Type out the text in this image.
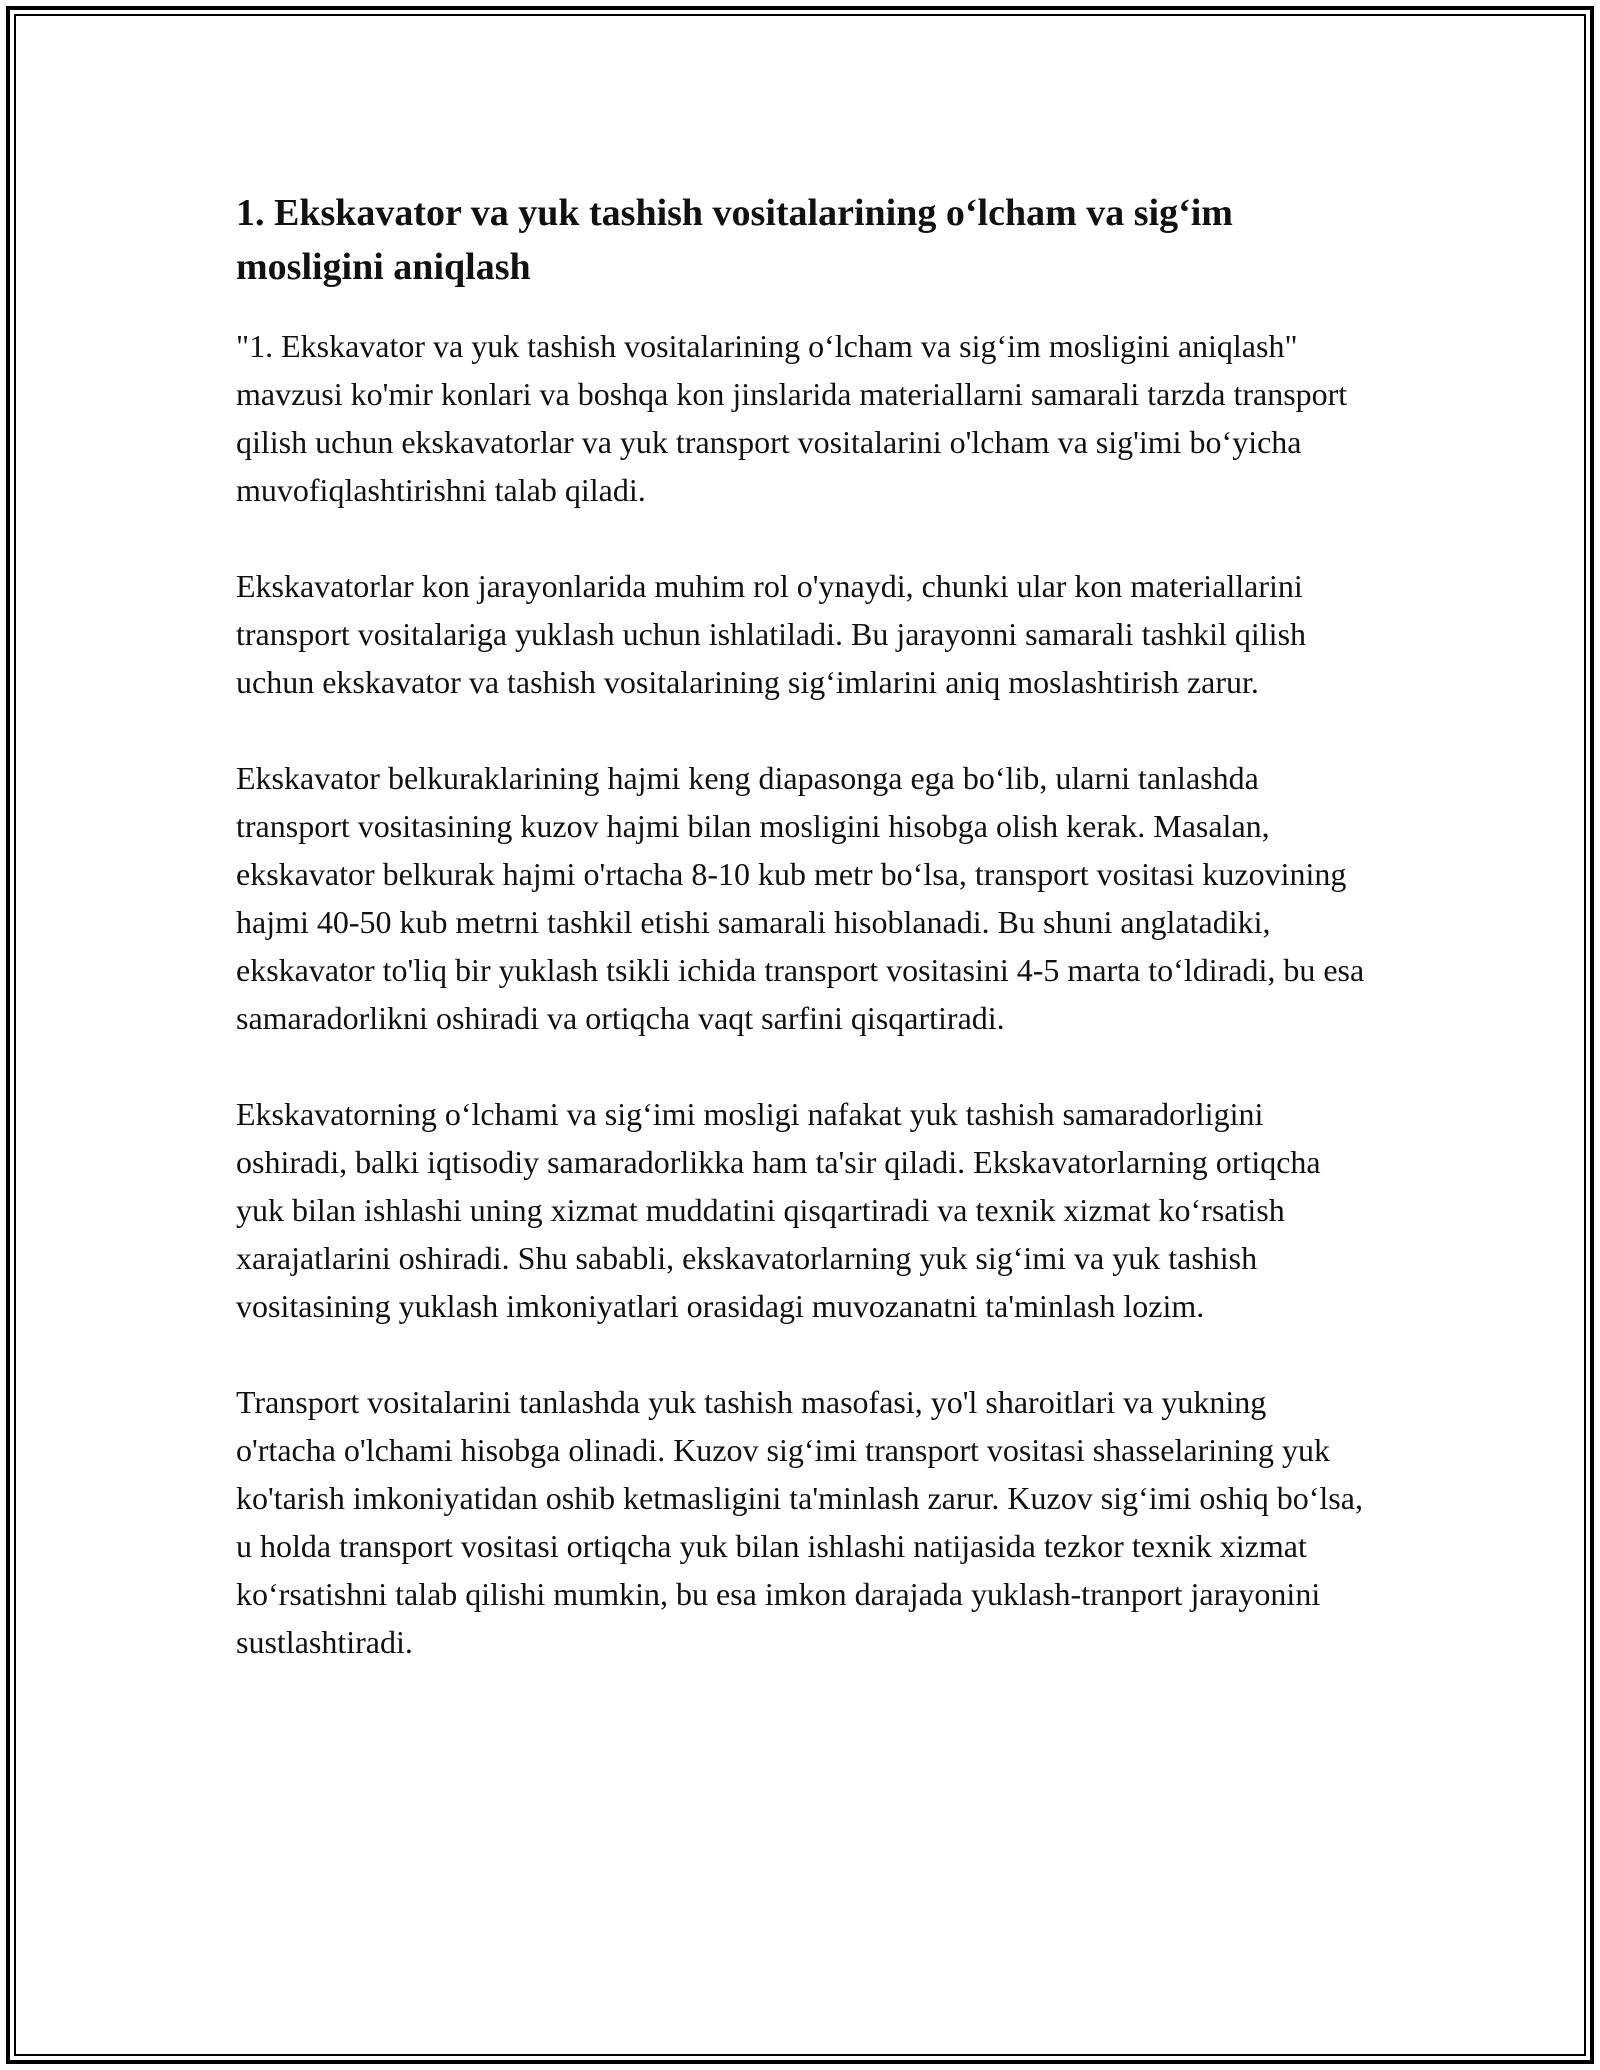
1. Ekskavator va yuk tashish vositalarining o‘lcham va sig‘im mosligini aniqlash

"1. Ekskavator va yuk tashish vositalarining o‘lcham va sig‘im mosligini aniqlash" mavzusi ko'mir konlari va boshqa kon jinslarida materiallarni samarali tarzda transport qilish uchun ekskavatorlar va yuk transport vositalarini o'lcham va sig'imi bo‘yicha muvofiqlashtirishni talab qiladi.

Ekskavatorlar kon jarayonlarida muhim rol o'ynaydi, chunki ular kon materiallarini transport vositalariga yuklash uchun ishlatiladi. Bu jarayonni samarali tashkil qilish uchun ekskavator va tashish vositalarining sig‘imlarini aniq moslashtirish zarur.

Ekskavator belkuraklarining hajmi keng diapasonga ega bo‘lib, ularni tanlashda transport vositasining kuzov hajmi bilan mosligini hisobga olish kerak. Masalan, ekskavator belkurak hajmi o'rtacha 8-10 kub metr bo‘lsa, transport vositasi kuzovining hajmi 40-50 kub metrni tashkil etishi samarali hisoblanadi. Bu shuni anglatadiki, ekskavator to'liq bir yuklash tsikli ichida transport vositasini 4-5 marta to‘ldiradi, bu esa samaradorlikni oshiradi va ortiqcha vaqt sarfini qisqartiradi.

Ekskavatorning o‘lchami va sig‘imi mosligi nafakat yuk tashish samaradorligini oshiradi, balki iqtisodiy samaradorlikka ham ta'sir qiladi. Ekskavatorlarning ortiqcha yuk bilan ishlashi uning xizmat muddatini qisqartiradi va texnik xizmat ko‘rsatish xarajatlarini oshiradi. Shu sababli, ekskavatorlarning yuk sig‘imi va yuk tashish vositasining yuklash imkoniyatlari orasidagi muvozanatni ta'minlash lozim.

Transport vositalarini tanlashda yuk tashish masofasi, yo'l sharoitlari va yukning o'rtacha o'lchami hisobga olinadi. Kuzov sig‘imi transport vositasi shasselarining yuk ko'tarish imkoniyatidan oshib ketmasligini ta'minlash zarur. Kuzov sig‘imi oshiq bo‘lsa, u holda transport vositasi ortiqcha yuk bilan ishlashi natijasida tezkor texnik xizmat ko‘rsatishni talab qilishi mumkin, bu esa imkon darajada yuklash-tranport jarayonini sustlashtiradi.
